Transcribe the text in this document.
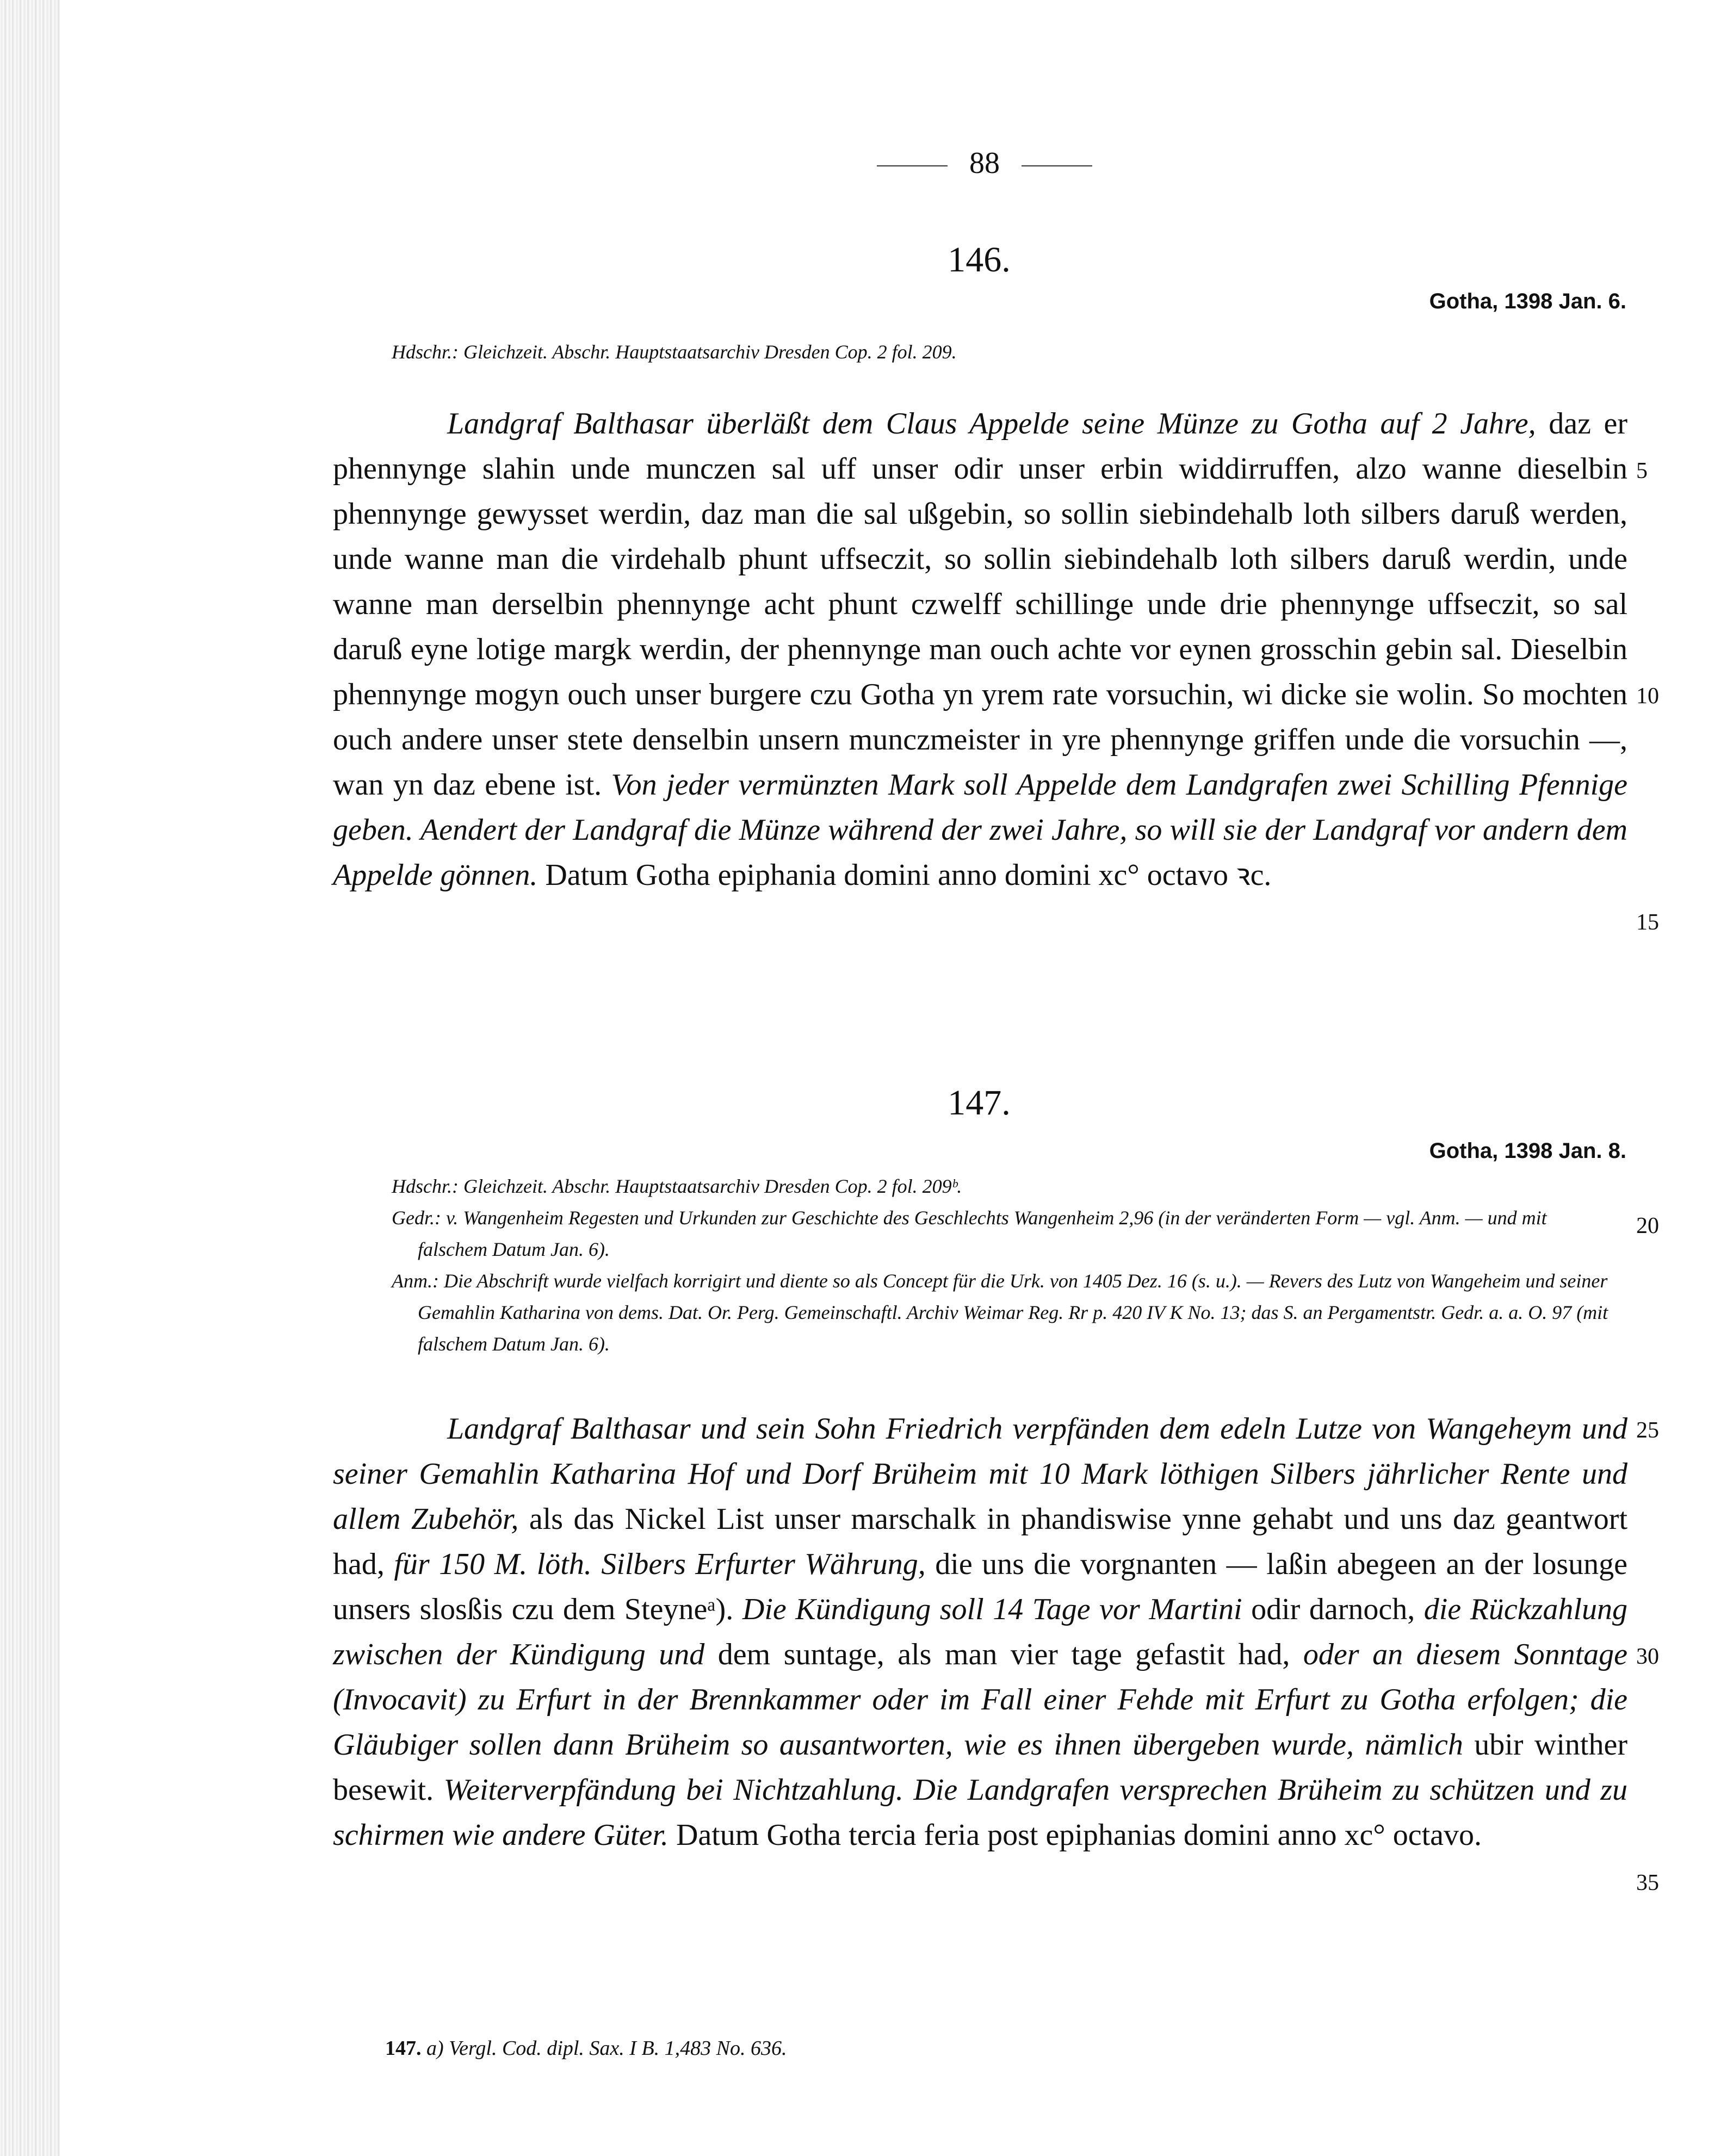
88
146.
Gotha, 1398 Jan. 6.

Hdschr.: Gleichzeit. Abschr. Hauptstaatsarchiv Dresden Cop. 2 fol. 209.

Landgraf Balthasar überläßt dem Claus Appelde seine Münze zu Gotha auf 2 Jahre, daz er phennynge slahin unde munczen sal uff unser odir unser erbin widdirruffen, alzo wanne dieselbin phennynge gewysset werdin, daz man die sal ußgebin, so sollin siebindehalb loth silbers daruß werden, unde wanne man die virdehalb phunt uffseczit, so sollin siebindehalb loth silbers daruß werdin, unde wanne man derselbin phennynge acht phunt czwelff schillinge unde drie phennynge uffseczit, so sal daruß eyne lotige margk werdin, der phennynge man ouch achte vor eynen grosschin gebin sal. Dieselbin phennynge mogyn ouch unser burgere czu Gotha yn yrem rate vorsuchin, wi dicke sie wolin. So mochten ouch andere unser stete denselbin unsern munczmeister in yre phennynge griffen unde die vorsuchin —, wan yn daz ebene ist. Von jeder vermünzten Mark soll Appelde dem Landgrafen zwei Schilling Pfennige geben. Aendert der Landgraf die Münze während der zwei Jahre, so will sie der Landgraf vor andern dem Appelde gönnen. Datum Gotha epiphania domini anno domini xc° octavo ꝛc.

5
10
15
147.
Gotha, 1398 Jan. 8.

Hdschr.: Gleichzeit. Abschr. Hauptstaatsarchiv Dresden Cop. 2 fol. 209ᵇ.

Gedr.: v. Wangenheim Regesten und Urkunden zur Geschichte des Geschlechts Wangenheim 2,96 (in der veränderten Form — vgl. Anm. — und mit falschem Datum Jan. 6).

Anm.: Die Abschrift wurde vielfach korrigirt und diente so als Concept für die Urk. von 1405 Dez. 16 (s. u.). — Revers des Lutz von Wangeheim und seiner Gemahlin Katharina von dems. Dat. Or. Perg. Gemeinschaftl. Archiv Weimar Reg. Rr p. 420 IV K No. 13; das S. an Pergamentstr. Gedr. a. a. O. 97 (mit falschem Datum Jan. 6).

20

Landgraf Balthasar und sein Sohn Friedrich verpfänden dem edeln Lutze von Wangeheym und seiner Gemahlin Katharina Hof und Dorf Brüheim mit 10 Mark löthigen Silbers jährlicher Rente und allem Zubehör, als das Nickel List unser marschalk in phandiswise ynne gehabt und uns daz geantwort had, für 150 M. löth. Silbers Erfurter Währung, die uns die vorgnanten — laßin abegeen an der losunge unsers slosßis czu dem Steyneᵃ). Die Kündigung soll 14 Tage vor Martini odir darnoch, die Rückzahlung zwischen der Kündigung und dem suntage, als man vier tage gefastit had, oder an diesem Sonntage (Invocavit) zu Erfurt in der Brennkammer oder im Fall einer Fehde mit Erfurt zu Gotha erfolgen; die Gläubiger sollen dann Brüheim so ausantworten, wie es ihnen übergeben wurde, nämlich ubir winther besewit. Weiterverpfändung bei Nichtzahlung. Die Landgrafen versprechen Brüheim zu schützen und zu schirmen wie andere Güter. Datum Gotha tercia feria post epiphanias domini anno xc° octavo.

25
30
35
147. a) Vergl. Cod. dipl. Sax. I B. 1,483 No. 636.
